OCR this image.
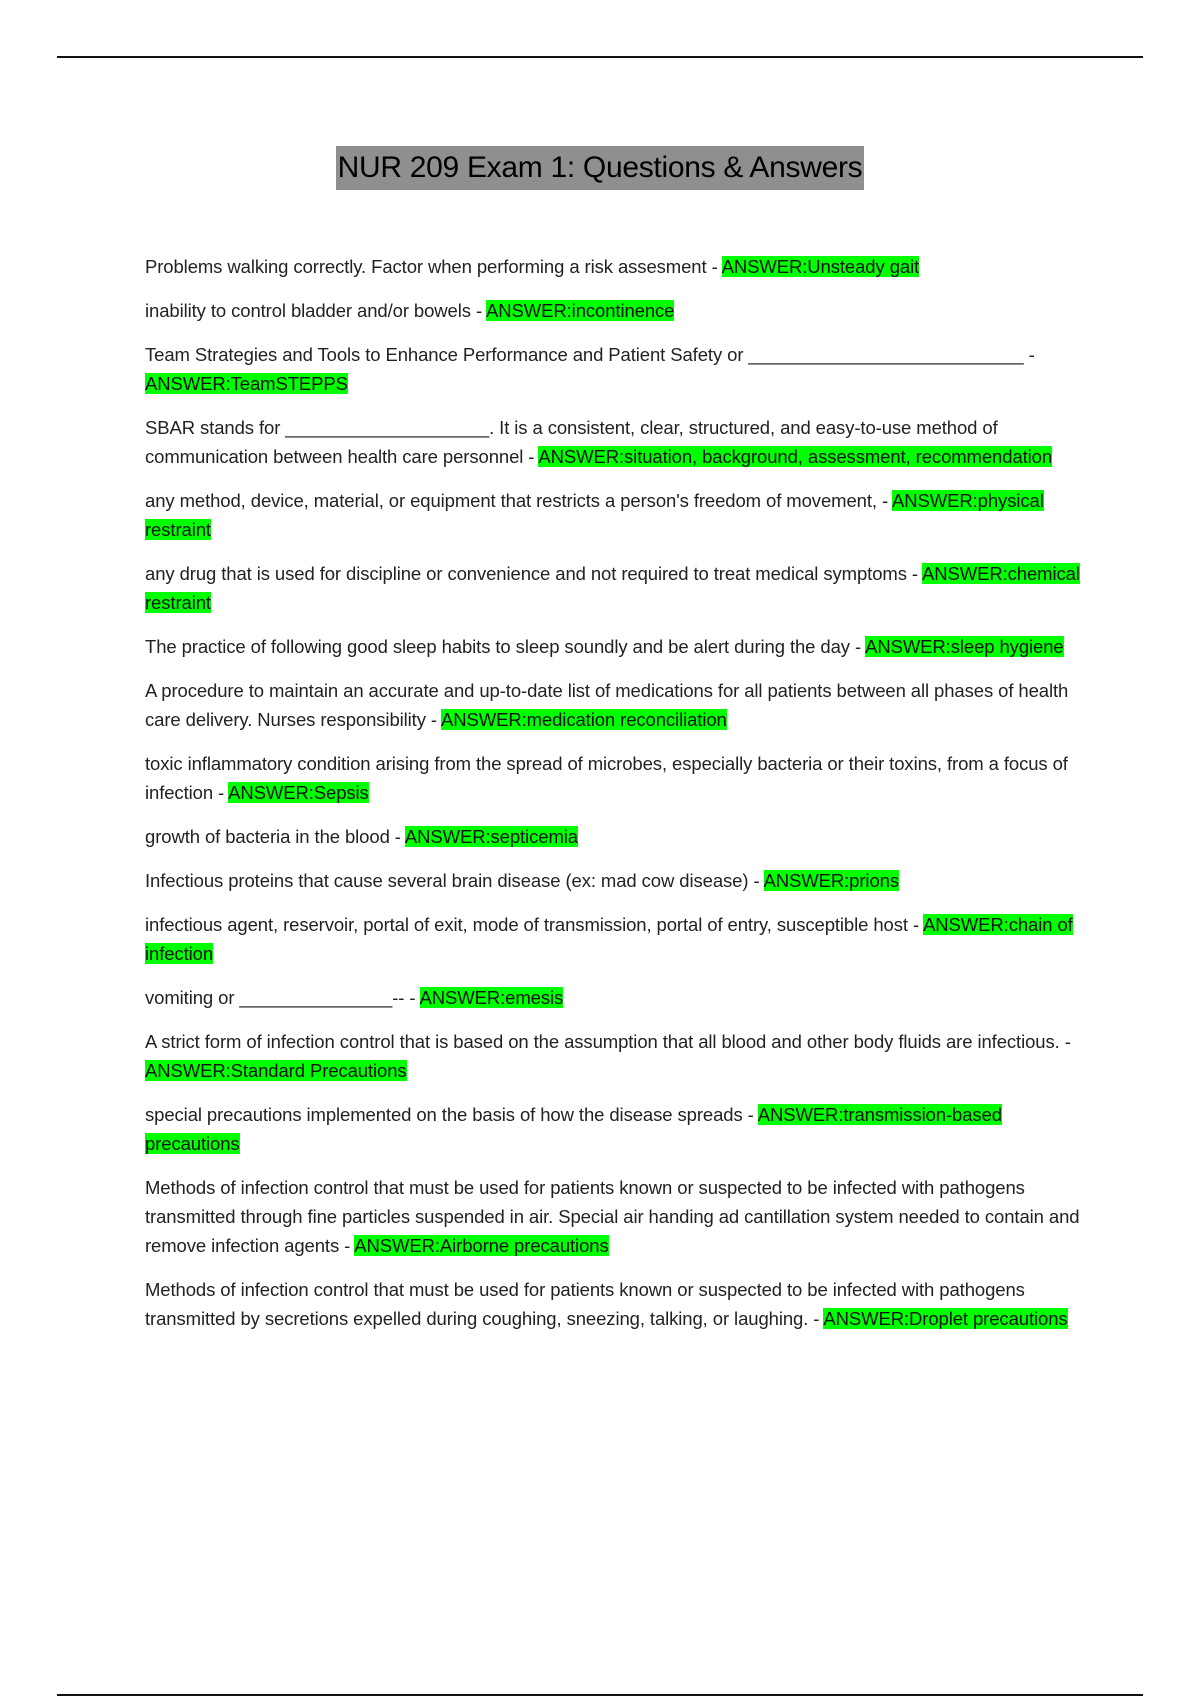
NUR 209 Exam 1: Questions & Answers
Problems walking correctly. Factor when performing a risk assesment - ANSWER:Unsteady gait
inability to control bladder and/or bowels - ANSWER:incontinence
Team Strategies and Tools to Enhance Performance and Patient Safety or ___________________________ - ANSWER:TeamSTEPPS
SBAR stands for ____________________. It is a consistent, clear, structured, and easy-to-use method of communication between health care personnel - ANSWER:situation, background, assessment, recommendation
any method, device, material, or equipment that restricts a person's freedom of movement, - ANSWER:physical restraint
any drug that is used for discipline or convenience and not required to treat medical symptoms - ANSWER:chemical restraint
The practice of following good sleep habits to sleep soundly and be alert during the day - ANSWER:sleep hygiene
A procedure to maintain an accurate and up-to-date list of medications for all patients between all phases of health care delivery. Nurses responsibility - ANSWER:medication reconciliation
toxic inflammatory condition arising from the spread of microbes, especially bacteria or their toxins, from a focus of infection - ANSWER:Sepsis
growth of bacteria in the blood - ANSWER:septicemia
Infectious proteins that cause several brain disease (ex: mad cow disease) - ANSWER:prions
infectious agent, reservoir, portal of exit, mode of transmission, portal of entry, susceptible host - ANSWER:chain of infection
vomiting or _______________-- - ANSWER:emesis
A strict form of infection control that is based on the assumption that all blood and other body fluids are infectious. - ANSWER:Standard Precautions
special precautions implemented on the basis of how the disease spreads - ANSWER:transmission-based precautions
Methods of infection control that must be used for patients known or suspected to be infected with pathogens transmitted through fine particles suspended in air. Special air handing ad cantillation system needed to contain and remove infection agents - ANSWER:Airborne precautions
Methods of infection control that must be used for patients known or suspected to be infected with pathogens transmitted by secretions expelled during coughing, sneezing, talking, or laughing. - ANSWER:Droplet precautions
